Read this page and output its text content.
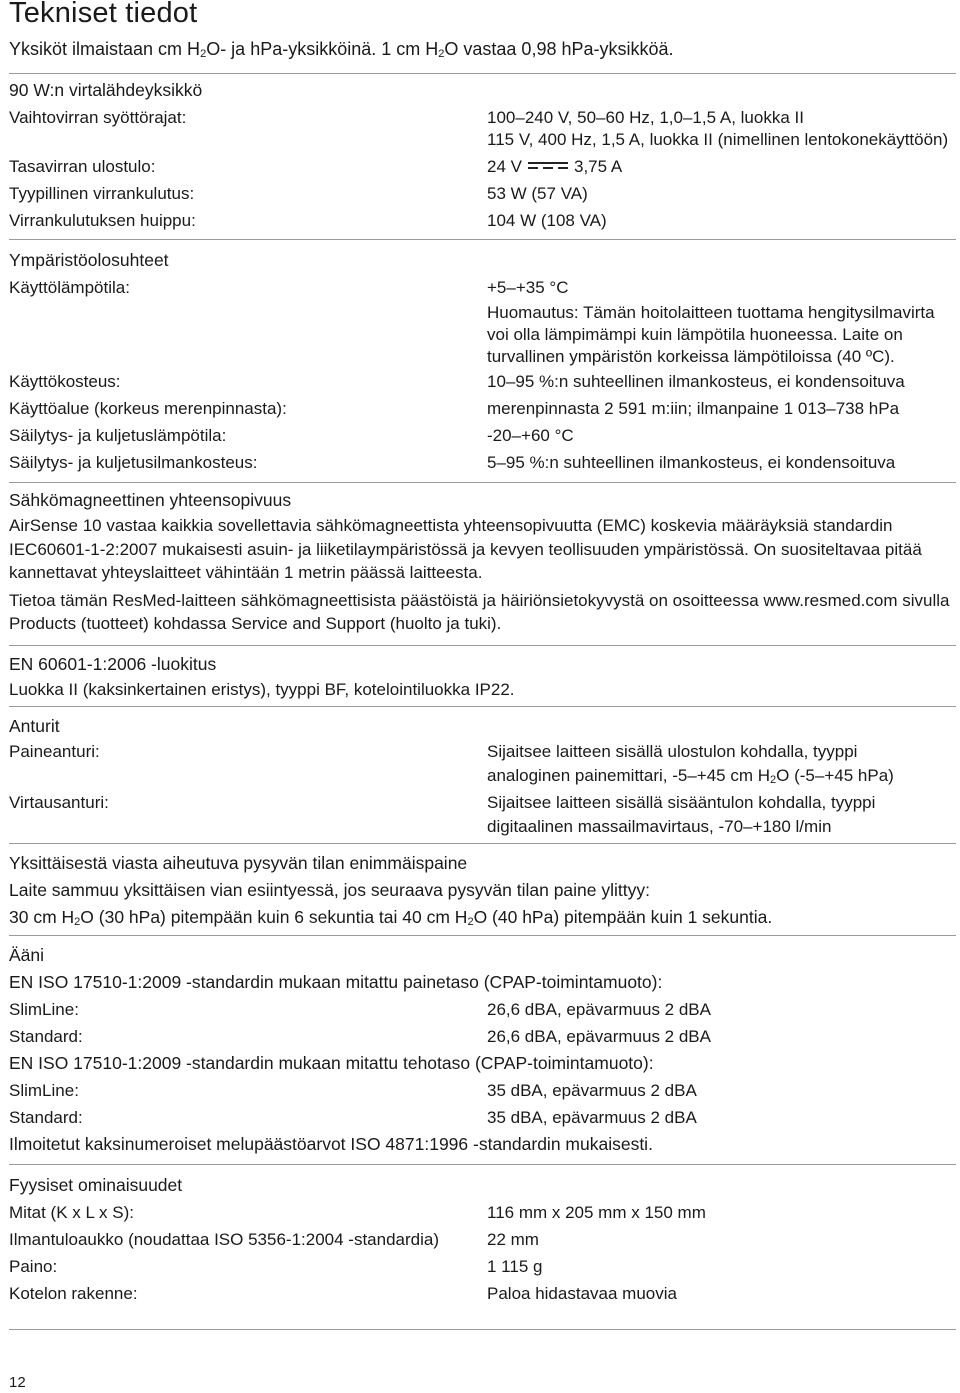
Tekniset tiedot
Yksiköt ilmaistaan cm $H_2O-$ ja hPa-yksikköinä. 1 cm $H_2O$ vastaa 0,98 hPa-yksikköä.
90 W:n virtalähdeyksikkö
Vaihtovirran syöttörajat:	100–240 V, 50–60 Hz, 1,0–1,5 A, luokka II
115 V, 400 Hz, 1,5 A, luokka II (nimellinen lentokonekäyttöön)
Tasavirran ulostulo:	24 V	3,75 A
Tyypillinen virrankulutus:	53 W (57 VA)
Virrankulutuksen huippu:	104 W (108 VA)
Ympäristöolosuhteet
Käyttölämpötila:	+5–+35 °C
Huomautus: Tämän hoitolaitteen tuottama hengitysilmavirta voi olla lämpimämpi kuin lämpötila huoneessa. Laite on turvallinen ympäristön korkeissa lämpötiloissa (40 ºC).
Käyttökosteus:	10–95 %:n suhteellinen ilmankosteus, ei kondensoituva
Käyttöalue (korkeus merenpinnasta):	merenpinnasta 2 591 m:iin; ilmanpaine 1 013–738 hPa
Säilytys- ja kuljetuslämpötila:	-20–+60 °C
Säilytys- ja kuljetusilmankosteus:	5–95 %:n suhteellinen ilmankosteus, ei kondensoituva
Sähkömagneettinen yhteensopivuus
AirSense 10 vastaa kaikkia sovellettavia sähkömagneettista yhteensopivuutta (EMC) koskevia määräyksiä standardin IEC60601-1-2:2007 mukaisesti asuin- ja liiketilaympäristössä ja kevyen teollisuuden ympäristössä. On suositeltavaa pitää kannettavat yhteyslaitteet vähintään 1 metrin päässä laitteesta.
Tietoa tämän ResMed-laitteen sähkömagneettisista päästöistä ja häiriönsietokyvystä on osoitteessa www.resmed.com sivulla Products (tuotteet) kohdassa Service and Support (huolto ja tuki).
EN 60601-1:2006 -luokitus
Luokka II (kaksinkertainen eristys), tyyppi BF, kotelointiluokka IP22.
Anturit
Paineanturi:	Sijaitsee laitteen sisällä ulostulon kohdalla, tyyppi
analoginen painemittari, -5–+45 cm $H_2O$ (-5–+45 hPa)
Virtausanturi:	Sijaitsee laitteen sisällä sisääntulon kohdalla, tyyppi
digitaalinen massailmavirtaus, -70–+180 l/min
Yksittäisestä viasta aiheutuva pysyvän tilan enimmäispaine
Laite sammuu yksittäisen vian esiintyessä, jos seuraava pysyvän tilan paine ylittyy:
30 cm $H_2O$ (30 hPa) pitempään kuin 6 sekuntia tai 40 cm $H_2O$ (40 hPa) pitempään kuin 1 sekuntia.
Ääni
EN ISO 17510-1:2009 -standardin mukaan mitattu painetaso (CPAP-toimintamuoto):
SlimLine:	26,6 dBA, epävarmuus 2 dBA
Standard:	26,6 dBA, epävarmuus 2 dBA
EN ISO 17510-1:2009 -standardin mukaan mitattu tehotaso (CPAP-toimintamuoto):
SlimLine:	35 dBA, epävarmuus 2 dBA
Standard:	35 dBA, epävarmuus 2 dBA
Ilmoitetut kaksinumeroiset melupäästöarvot ISO 4871:1996 -standardin mukaisesti.
Fyysiset ominaisuudet
Mitat (K x L x S):	116 mm x 205 mm x 150 mm
Ilmantuloaukko (noudattaa ISO 5356-1:2004 -standardia)	22 mm
Paino:	1 115 g
Kotelon rakenne:	Paloa hidastavaa muovia
12
